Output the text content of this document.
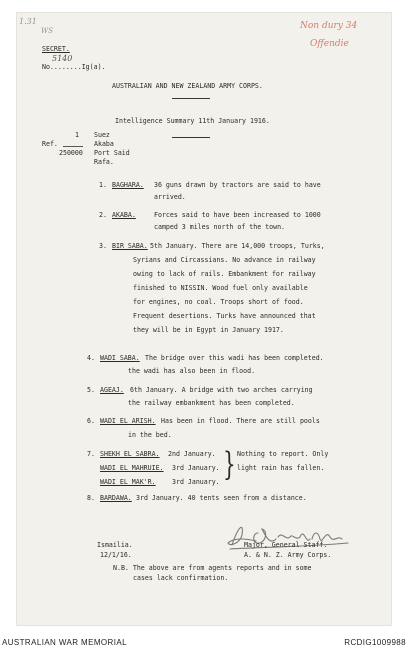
1.31
WS	Non dury 34
Offendie
SECRET.
No........Ig(a).
5140
AUSTRALIAN AND NEW ZEALAND ARMY CORPS.
Intelligence Summary 11th January 1916.
1
Ref.
250000
Suez
Akaba
Port Said
Rafa.
1. BAGHARA. 36 guns drawn by tractors are said to have
arrived.
2. AKABA.	Forces said to have been increased to 1000
camped 3 miles north of the town.
3. BIR SABA. 5th January. There are 14,000 troops, Turks,
Syrians and Circassians. No advance in railway
owing to lack of rails. Embankment for railway
finished to NISSIN. Wood fuel only available
for engines, no coal. Troops short of food.
Frequent desertions. Turks have announced that
they will be in Egypt in January 1917.
4. WADI SABA. The bridge over this wadi has been completed.
the wadi has also been in flood.
5. AGEAJ. 6th January. A bridge with two arches carrying
the railway embankment has been completed.
6. WADI EL ARISH. Has been in flood. There are still pools
in the bed.
7. SHEKH EL SABRA. 2nd January.
WADI EL MAHRUIE. 3rd January.
WADI EL MAK'R. 3rd January. } Nothing to report. Only
light rain has fallen.
8. BARDAWA. 3rd January. 40 tents seen from a distance.
Major, General Staff.
A. & N. Z. Army Corps.
Ismailia.
12/1/16.
N.B. The above are from agents reports and in some
cases lack confirmation.
AUSTRALIAN WAR MEMORIAL	RCDIG1009988
